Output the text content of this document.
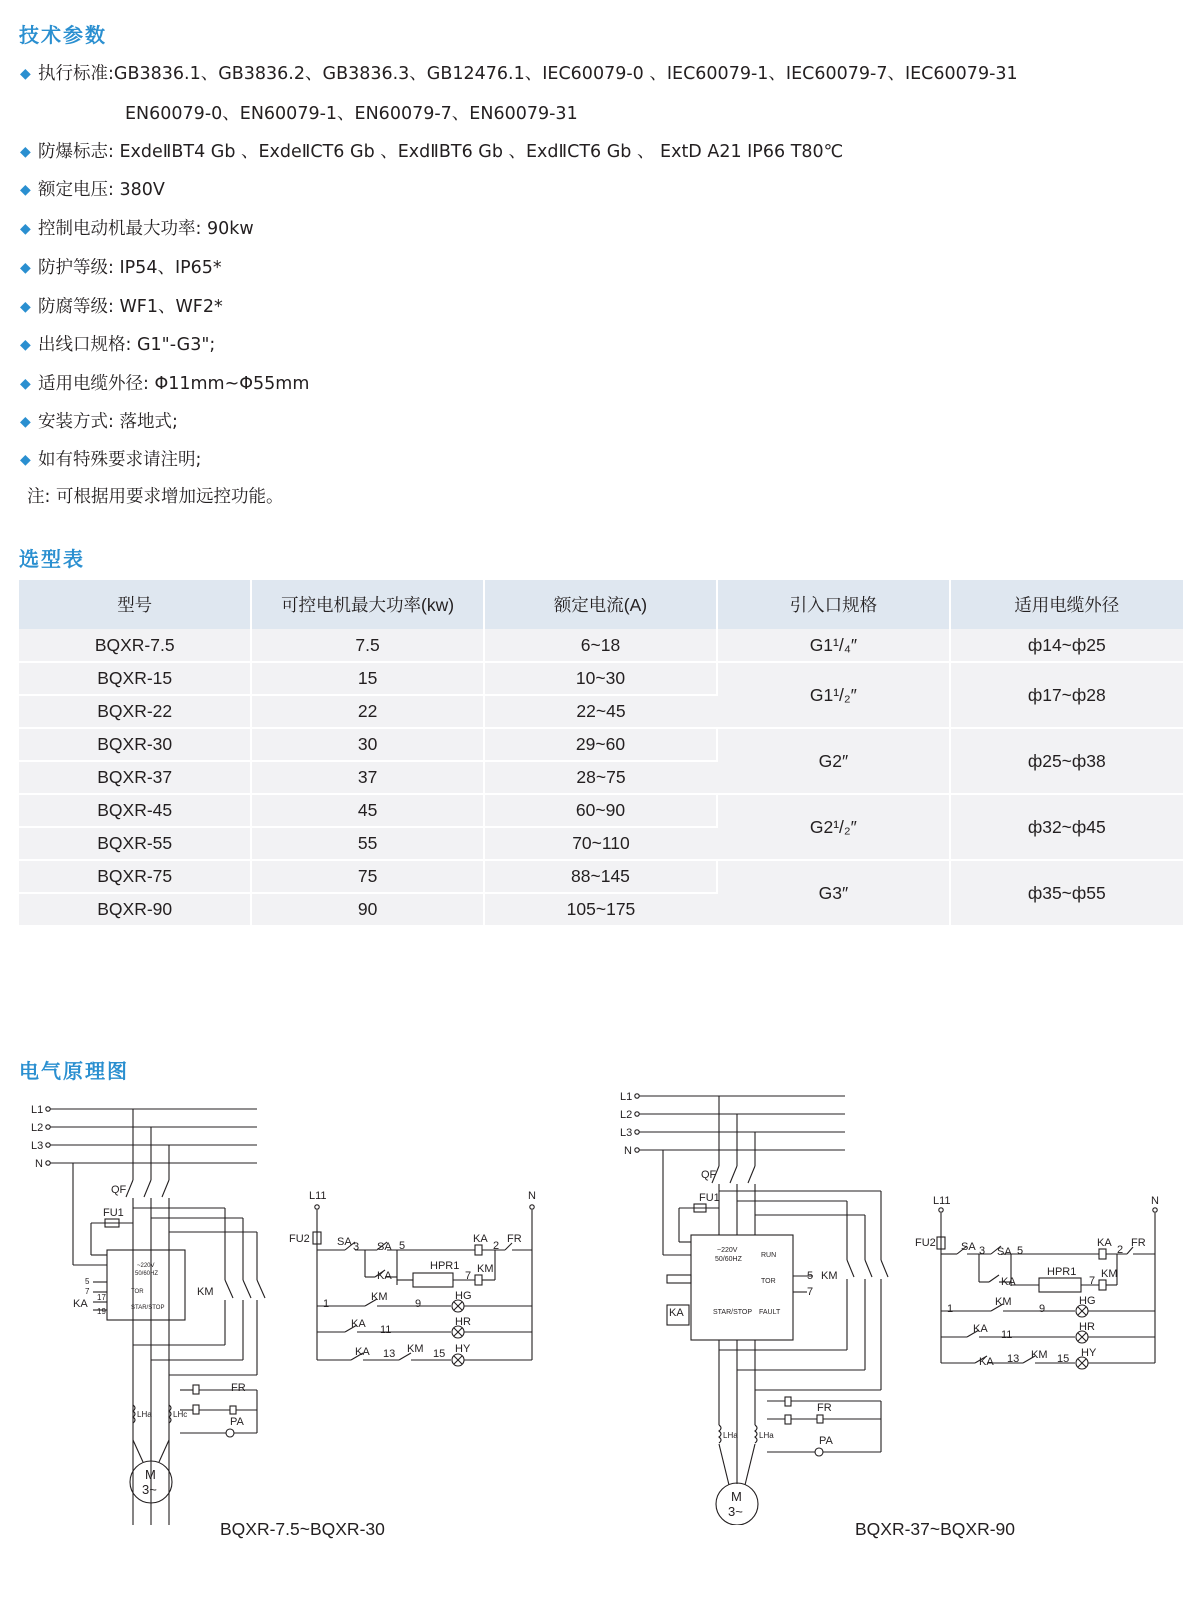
技术参数
◆ 执行标准:GB3836.1、GB3836.2、GB3836.3、GB12476.1、IEC60079-0 、IEC60079-1、IEC60079-7、IEC60079-31
◆ 防爆标志: ExdeⅡBT4 Gb 、ExdeⅡCT6 Gb 、ExdⅡBT6 Gb 、ExdⅡCT6 Gb 、 ExtD A21 IP66 T80℃
◆ 额定电压: 380V
◆ 控制电动机最大功率: 90kw
◆ 防护等级: IP54、IP65*
◆ 防腐等级: WF1、WF2*
◆ 出线口规格: G1"-G3";
◆ 适用电缆外径: Φ11mm~Φ55mm
◆ 安装方式: 落地式;
◆ 如有特殊要求请注明;
EN60079-0、EN60079-1、EN60079-7、EN60079-31
注: 可根据用要求增加远控功能。
选型表
型号	可控电机最大功率(kw)	额定电流(A)	引入口规格	适用电缆外径
BQXR-7.5	7.5	6~18	G1¹/₄″	ф14~ф25
BQXR-15	15	10~30	G1¹/₂″	ф17~ф28
BQXR-22	22	22~45		
BQXR-30	30	29~60	G2″	ф25~ф38
BQXR-37	37	28~75		
BQXR-45	45	60~90	G2¹/₂″	ф32~ф45
BQXR-55	55	70~110		
BQXR-75	75	88~145	G3″	ф35~ф55
BQXR-90	90	105~175		
电气原理图
L1
L2
L3
N
QF
FU1
~220V
50/60HZ
TOR
STAR/STOP
5
7
17
19
KA
KM
FR
PA
LHa	LHc
M
3~
L11	N
FU2 SA 3 SA 5
KA
2
FR
KA
HPR1
7
KM
1
KM
9
HG
KA 11
HR
KA 13 KM 15 HY
BQXR-7.5~BQXR-30
L1
L2
L3
N
QF
FU1
~220V
50/60HZ
RUN
TOR
STAR/STOP FAULT
5 KM
7
KA
FR
PA
LHa	LHa
M
3~
L11	N
FU2 SA 3 SA 5
KA
2
FR
KA
HPR1
7
KM
1
KM
9
HG
KA 11
HR
KA 13 KM 15 HY
BQXR-37~BQXR-90
